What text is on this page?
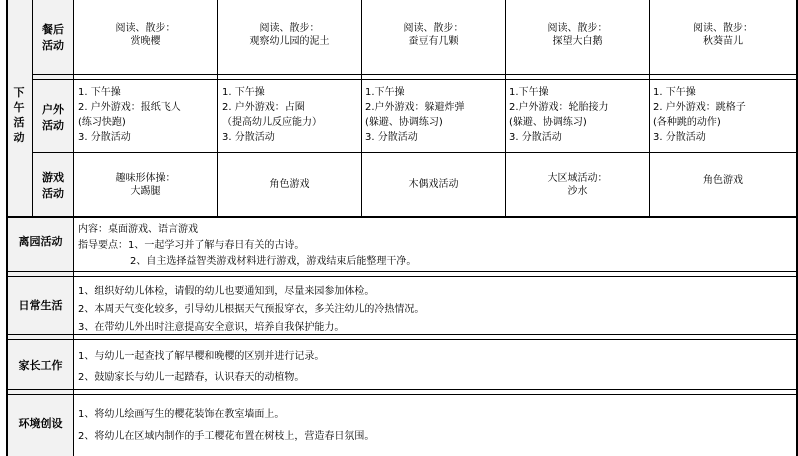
下午活动
餐后活动
户外活动
游戏活动
阅读、散步：
赏晚樱
阅读、散步：
观察幼儿园的泥土
阅读、散步：
蚕豆有几颗
阅读、散步：
探望大白鹅
阅读、散步：
秋葵苗儿
1. 下午操
2. 户外游戏：报纸飞人
(练习快跑)
3. 分散活动
1. 下午操
2. 户外游戏：占圈
（提高幼儿反应能力）
3. 分散活动
1.下午操
2.户外游戏：躲避炸弹
(躲避、协调练习)
3. 分散活动
1.下午操
2.户外游戏：轮胎接力
(躲避、协调练习)
3. 分散活动
1. 下午操
2. 户外游戏：跳格子
(各种跳的动作)
3. 分散活动
趣味形体操：
大踢腿
角色游戏	木偶戏活动
大区域活动：
沙水
角色游戏
离园活动
内容：桌面游戏、语言游戏
指导要点：1、一起学习并了解与春日有关的古诗。
2、自主选择益智类游戏材料进行游戏，游戏结束后能整理干净。
日常生活
1、组织好幼儿体检，请假的幼儿也要通知到，尽量来园参加体检。
2、本周天气变化较多，引导幼儿根据天气预报穿衣，多关注幼儿的冷热情况。
3、在带幼儿外出时注意提高安全意识，培养自我保护能力。
家长工作
1、与幼儿一起查找了解早樱和晚樱的区别并进行记录。
2、鼓励家长与幼儿一起踏春，认识春天的动植物。
环境创设
1、将幼儿绘画写生的樱花装饰在教室墙面上。
2、将幼儿在区域内制作的手工樱花布置在树枝上，营造春日氛围。
